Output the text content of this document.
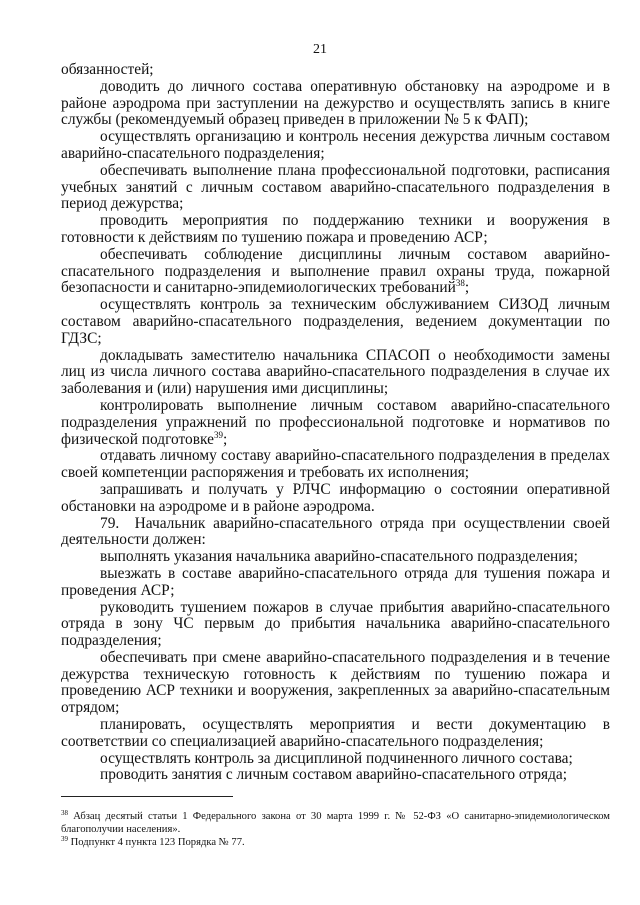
21

обязанностей;

доводить до личного состава оперативную обстановку на аэродроме и в районе аэродрома при заступлении на дежурство и осуществлять запись в книге службы (рекомендуемый образец приведен в приложении № 5 к ФАП);

осуществлять организацию и контроль несения дежурства личным составом аварийно-спасательного подразделения;

обеспечивать выполнение плана профессиональной подготовки, расписания учебных занятий с личным составом аварийно-спасательного подразделения в период дежурства;

проводить мероприятия по поддержанию техники и вооружения в готовности к действиям по тушению пожара и проведению АСР;

обеспечивать соблюдение дисциплины личным составом аварийно-спасательного подразделения и выполнение правил охраны труда, пожарной безопасности и санитарно-эпидемиологических требований$^{38}$;

осуществлять контроль за техническим обслуживанием СИЗОД личным составом аварийно-спасательного подразделения, ведением документации по ГДЗС;

докладывать заместителю начальника СПАСОП о необходимости замены лиц из числа личного состава аварийно-спасательного подразделения в случае их заболевания и (или) нарушения ими дисциплины;

контролировать выполнение личным составом аварийно-спасательного подразделения упражнений по профессиональной подготовке и нормативов по физической подготовке$^{39}$;

отдавать личному составу аварийно-спасательного подразделения в пределах своей компетенции распоряжения и требовать их исполнения;

запрашивать и получать у РЛЧС информацию о состоянии оперативной обстановки на аэродроме и в районе аэродрома.

79. Начальник аварийно-спасательного отряда при осуществлении своей деятельности должен:

выполнять указания начальника аварийно-спасательного подразделения;

выезжать в составе аварийно-спасательного отряда для тушения пожара и проведения АСР;

руководить тушением пожаров в случае прибытия аварийно-спасательного отряда в зону ЧС первым до прибытия начальника аварийно-спасательного подразделения;

обеспечивать при смене аварийно-спасательного подразделения и в течение дежурства техническую готовность к действиям по тушению пожара и проведению АСР техники и вооружения, закрепленных за аварийно-спасательным отрядом;

планировать, осуществлять мероприятия и вести документацию в соответствии со специализацией аварийно-спасательного подразделения;

осуществлять контроль за дисциплиной подчиненного личного состава;

проводить занятия с личным составом аварийно-спасательного отряда;

$^{38}$ Абзац десятый статьи 1 Федерального закона от 30 марта 1999 г. № 52-ФЗ «О санитарно-эпидемиологическом благополучии населения».

$^{39}$ Подпункт 4 пункта 123 Порядка № 77.
